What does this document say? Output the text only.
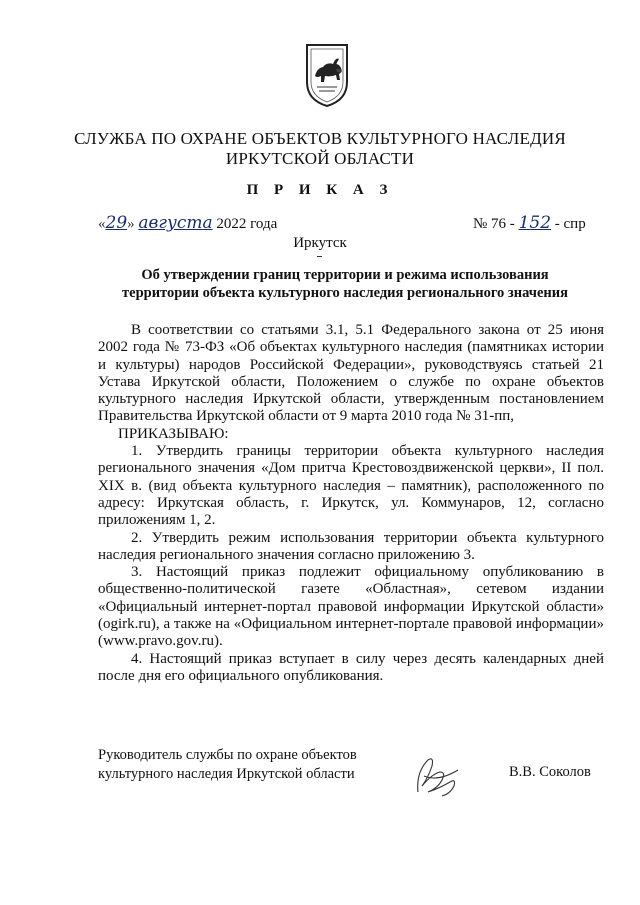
СЛУЖБА ПО ОХРАНЕ ОБЪЕКТОВ КУЛЬТУРНОГО НАСЛЕДИЯ
ИРКУТСКОЙ ОБЛАСТИ
П Р И К А З
«29» августа 2022 года	№ 76 - 152 - спр
Иркутск
Об утверждении границ территории и режима использования
территории объекта культурного наследия регионального значения

В соответствии со статьями 3.1, 5.1 Федерального закона от 25 июня 2002 года № 73-ФЗ «Об объектах культурного наследия (памятниках истории и культуры) народов Российской Федерации», руководствуясь статьей 21 Устава Иркутской области, Положением о службе по охране объектов культурного наследия Иркутской области, утвержденным постановлением Правительства Иркутской области от 9 марта 2010 года № 31-пп,

ПРИКАЗЫВАЮ:

1. Утвердить границы территории объекта культурного наследия регионального значения «Дом притча Крестовоздвиженской церкви», II пол. XIX в. (вид объекта культурного наследия – памятник), расположенного по адресу: Иркутская область, г. Иркутск, ул. Коммунаров, 12, согласно приложениям 1, 2.

2. Утвердить режим использования территории объекта культурного наследия регионального значения согласно приложению 3.

3. Настоящий приказ подлежит официальному опубликованию в общественно-политической газете «Областная», сетевом издании «Официальный интернет-портал правовой информации Иркутской области» (ogirk.ru), а также на «Официальном интернет-портале правовой информации» (www.pravo.gov.ru).

4. Настоящий приказ вступает в силу через десять календарных дней после дня его официального опубликования.

Руководитель службы по охране объектов
культурного наследия Иркутской области	В.В. Соколов
